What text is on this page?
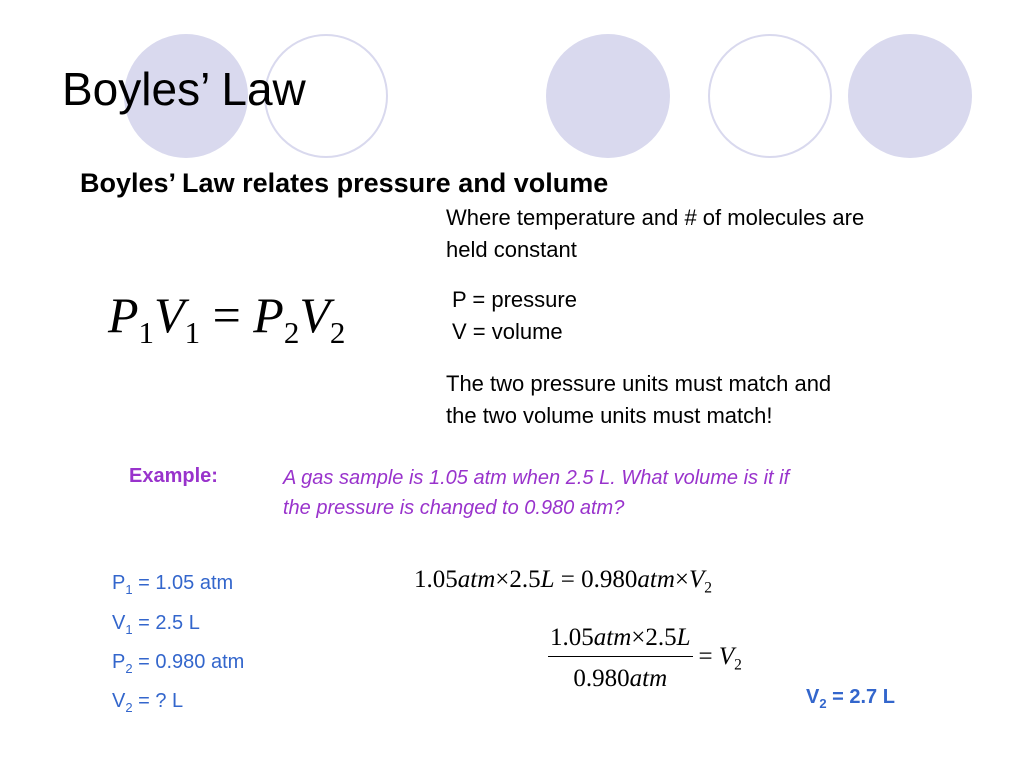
Boyles’ Law
Boyles’ Law relates pressure and volume
Where temperature and # of molecules are
held constant
$P_1V_1 = P_2V_2$
P = pressure
V = volume
The two pressure units must match and
the two volume units must match!
Example:	A gas sample is 1.05 atm when 2.5 L. What volume is it if
the pressure is changed to 0.980 atm?
$P_1 = 1.05$ atm
$V_1 = 2.5$ L
$P_2 = 0.980$ atm
$V_2$ = ? L
$1.05atm\times 2.5L = 0.980atm\times V_2$
$\frac{\text{1.05atm×2.5L}}{\text{0.980atm}} = V_2$
$V_2 = 2.7$ L
